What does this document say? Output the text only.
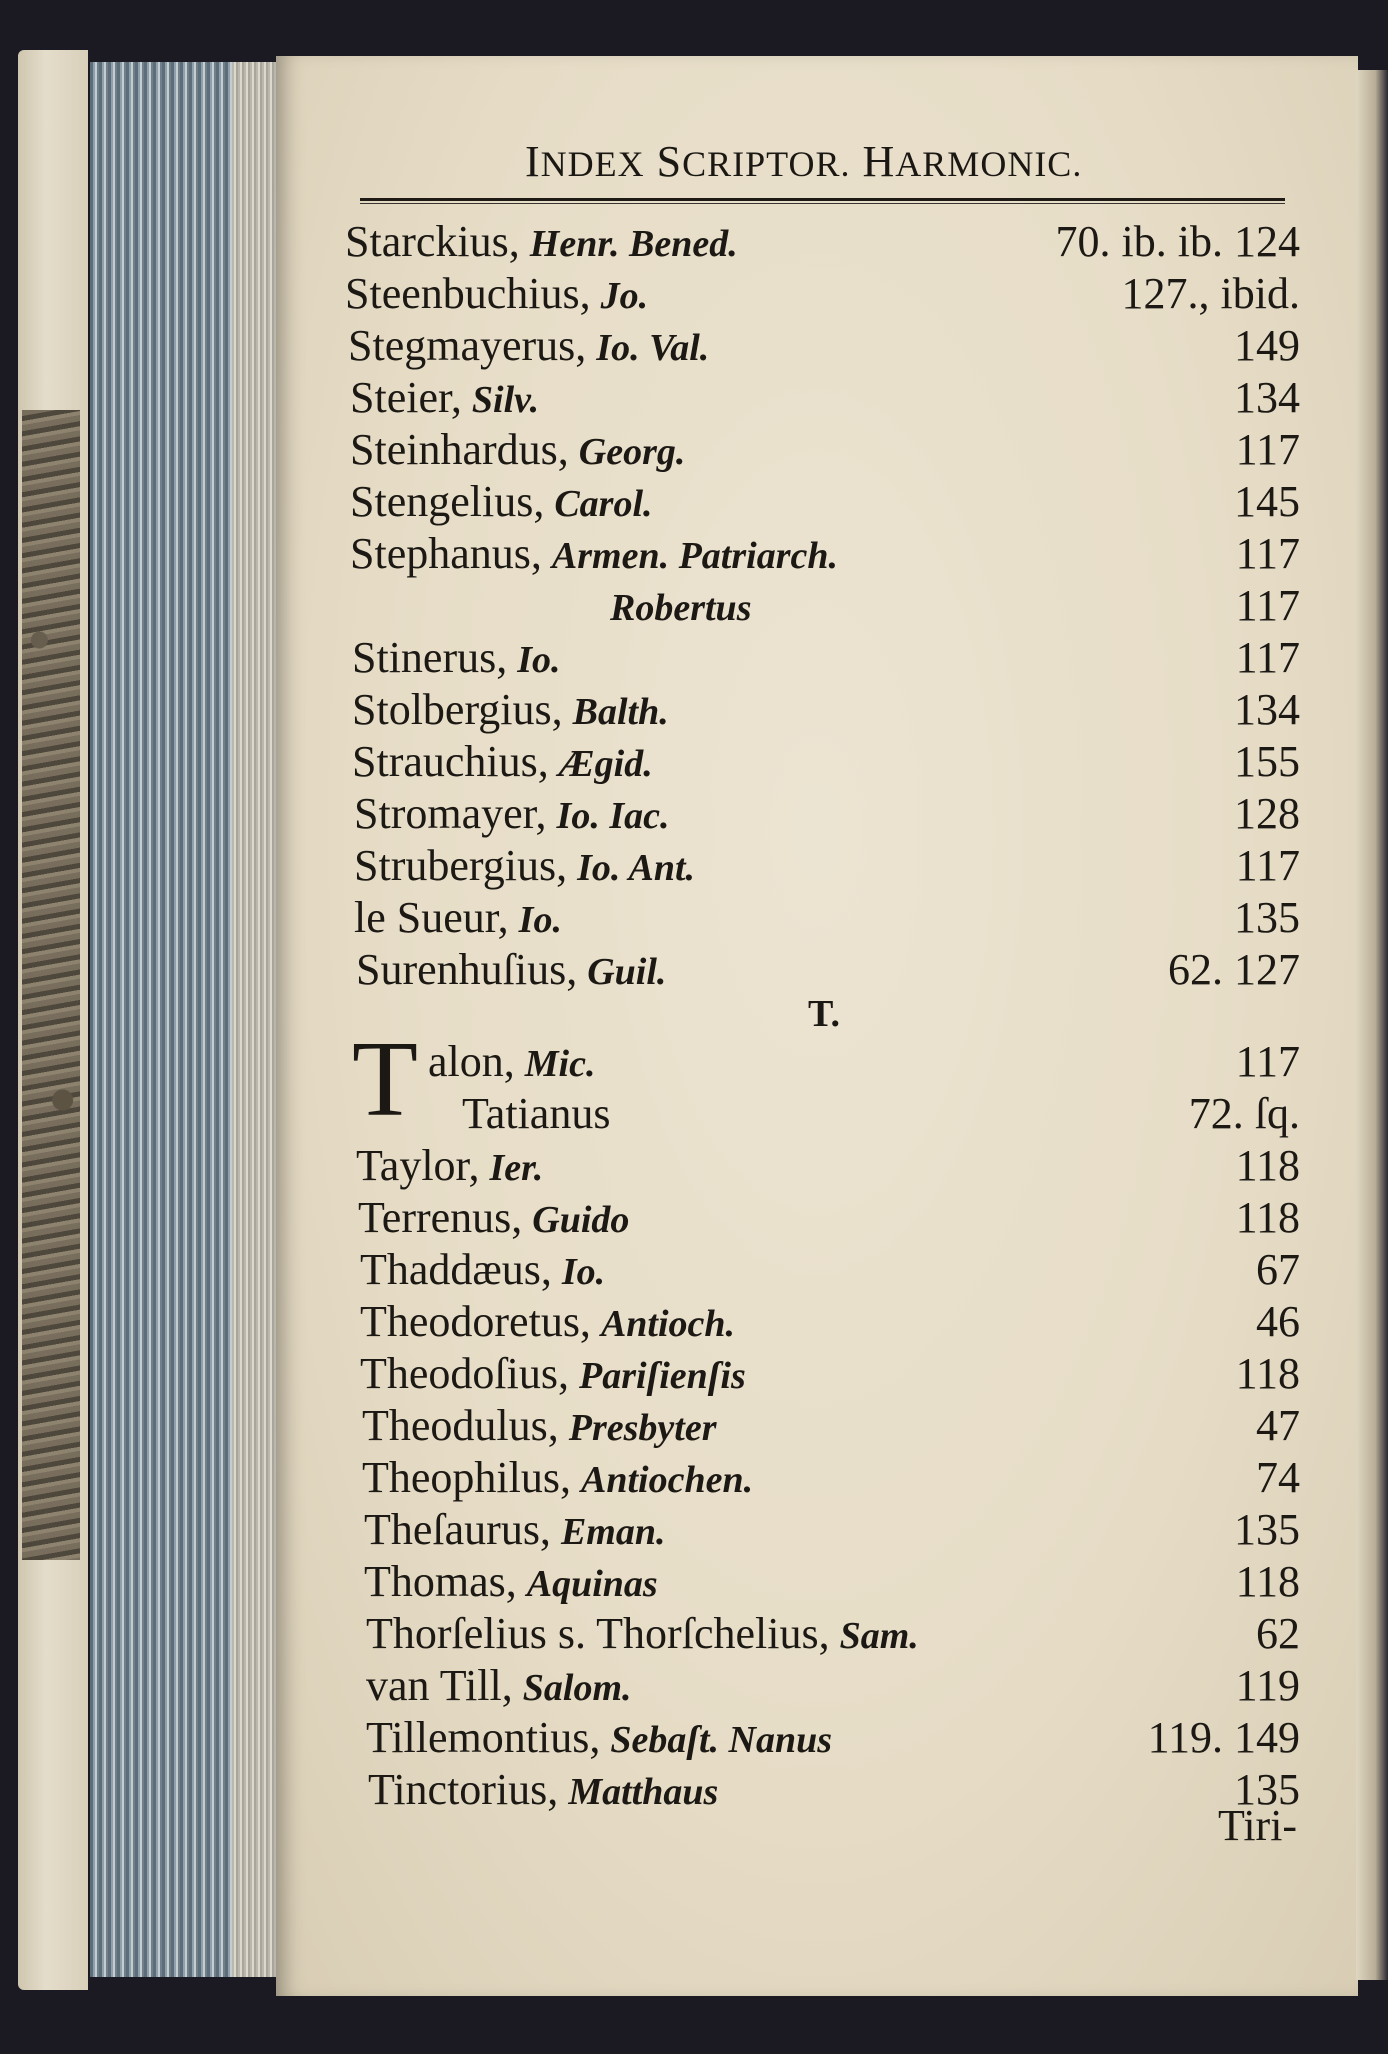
INDEX SCRIPTOR. HARMONIC.
Starckius, Henr. Bened.	70. ib. ib. 124
Steenbuchius, Jo.	127., ibid.
Stegmayerus, Io. Val.	149
Steier, Silv.	134
Steinhardus, Georg.	117
Stengelius, Carol.	145
Stephanus, Armen. Patriarch.	117
Robertus	117
Stinerus, Io.	117
Stolbergius, Balth.	134
Strauchius, Ægid.	155
Stromayer, Io. Iac.	128
Strubergius, Io. Ant.	117
le Sueur, Io.	135
Surenhuſius, Guil.	62. 127
T.
T alon, Mic.	117
Tatianus	72. ſq.
Taylor, Ier.	118
Terrenus, Guido	118
Thaddæus, Io.	67
Theodoretus, Antioch.	46
Theodoſius, Pariſienſis	118
Theodulus, Presbyter	47
Theophilus, Antiochen.	74
Theſaurus, Eman.	135
Thomas, Aquinas	118
Thorſelius s. Thorſchelius, Sam.	62
van Till, Salom.	119
Tillemontius, Sebaſt. Nanus	119. 149
Tinctorius, Matthaus	135
Tiri-
